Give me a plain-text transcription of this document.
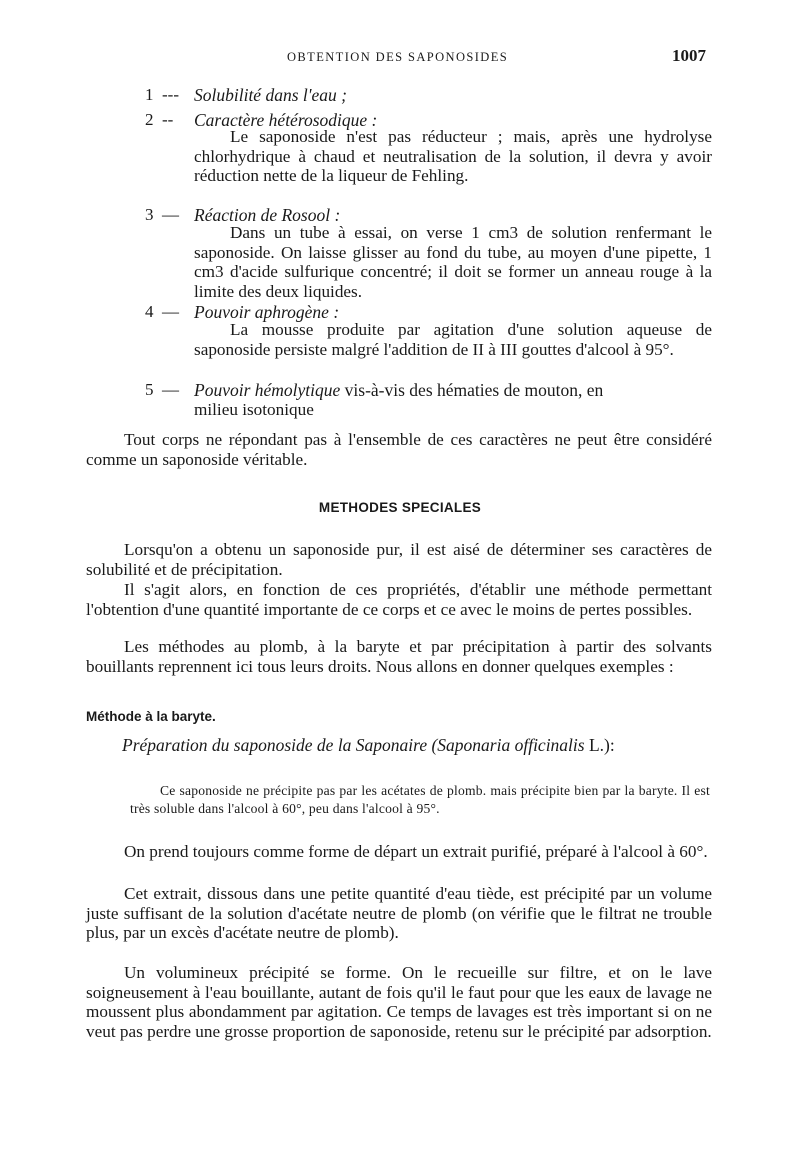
OBTENTION DES SAPONOSIDES	1007
1 --- Solubilité dans l'eau ;
2 -- Caractère hétérosodique :

Le saponoside n'est pas réducteur ; mais, après une hydrolyse chlorhydrique à chaud et neutralisation de la solution, il devra y avoir réduction nette de la liqueur de Fehling.

3 — Réaction de Rosool :

Dans un tube à essai, on verse 1 cm3 de solution renfermant le saponoside. On laisse glisser au fond du tube, au moyen d'une pipette, 1 cm3 d'acide sulfurique concentré; il doit se former un anneau rouge à la limite des deux liquides.

4 — Pouvoir aphrogène :

La mousse produite par agitation d'une solution aqueuse de saponoside persiste malgré l'addition de II à III gouttes d'alcool à 95°.

5 — Pouvoir hémolytique vis-à-vis des hématies de mouton, en

milieu isotonique

Tout corps ne répondant pas à l'ensemble de ces caractères ne peut être considéré comme un saponoside véritable.

METHODES SPECIALES

Lorsqu'on a obtenu un saponoside pur, il est aisé de déterminer ses caractères de solubilité et de précipitation.

Il s'agit alors, en fonction de ces propriétés, d'établir une méthode permettant l'obtention d'une quantité importante de ce corps et ce avec le moins de pertes possibles.

Les méthodes au plomb, à la baryte et par précipitation à partir des solvants bouillants reprennent ici tous leurs droits. Nous allons en donner quelques exemples :

Méthode à la baryte.

Préparation du saponoside de la Saponaire (Saponaria officinalis L.):

Ce saponoside ne précipite pas par les acétates de plomb. mais précipite bien par la baryte. Il est très soluble dans l'alcool à 60°, peu dans l'alcool à 95°.

On prend toujours comme forme de départ un extrait purifié, préparé à l'alcool à 60°.

Cet extrait, dissous dans une petite quantité d'eau tiède, est précipité par un volume juste suffisant de la solution d'acétate neutre de plomb (on vérifie que le filtrat ne trouble plus, par un excès d'acétate neutre de plomb).

Un volumineux précipité se forme. On le recueille sur filtre, et on le lave soigneusement à l'eau bouillante, autant de fois qu'il le faut pour que les eaux de lavage ne moussent plus abondamment par agitation. Ce temps de lavages est très important si on ne veut pas perdre une grosse proportion de saponoside, retenu sur le précipité par adsorption.
